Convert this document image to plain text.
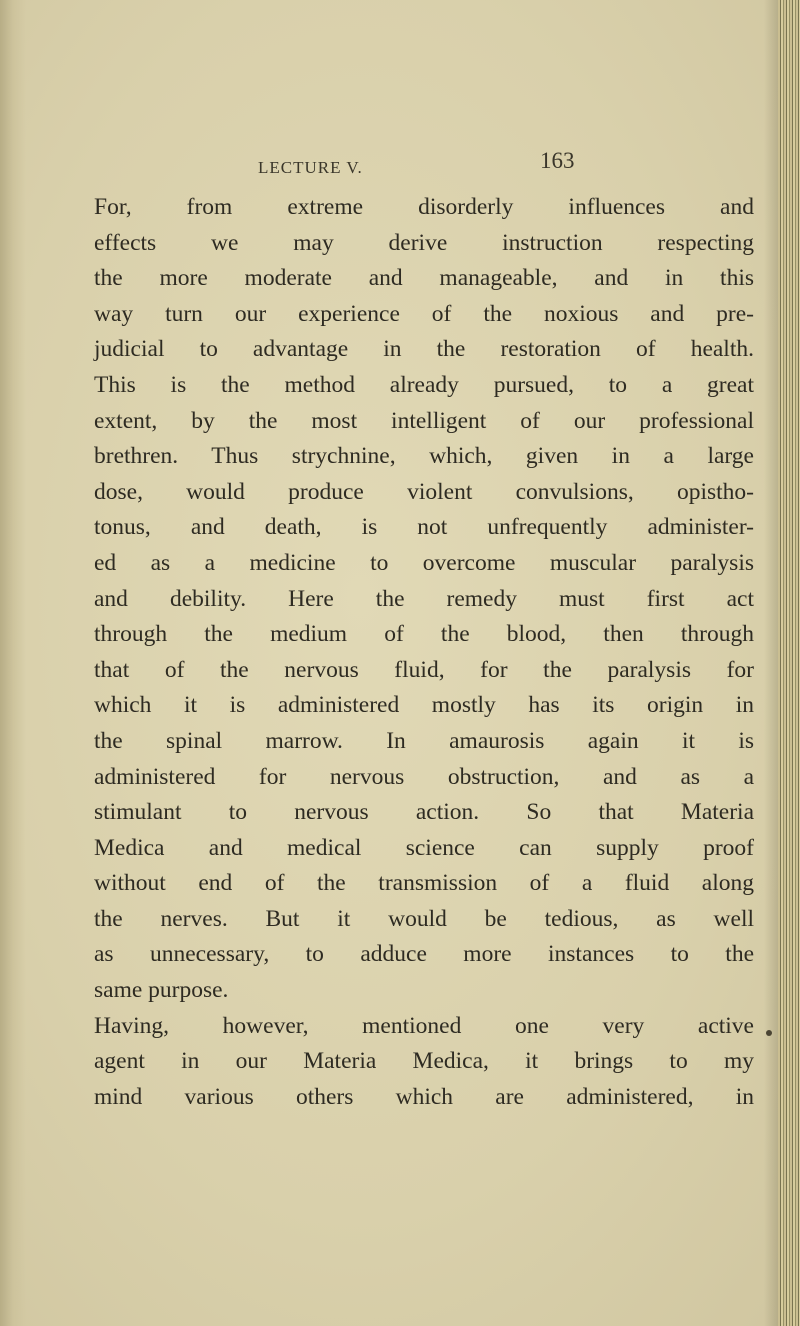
LECTURE V.	163
For, from extreme disorderly influences and
effects we may derive instruction respecting
the more moderate and manageable, and in this
way turn our experience of the noxious and pre-
judicial to advantage in the restoration of health.
This is the method already pursued, to a great
extent, by the most intelligent of our professional
brethren. Thus strychnine, which, given in a large
dose, would produce violent convulsions, opistho-
tonus, and death, is not unfrequently administer-
ed as a medicine to overcome muscular paralysis
and debility. Here the remedy must first act
through the medium of the blood, then through
that of the nervous fluid, for the paralysis for
which it is administered mostly has its origin in
the spinal marrow. In amaurosis again it is
administered for nervous obstruction, and as a
stimulant to nervous action. So that Materia
Medica and medical science can supply proof
without end of the transmission of a fluid along
the nerves. But it would be tedious, as well
as unnecessary, to adduce more instances to the
same purpose.
Having, however, mentioned one very active
agent in our Materia Medica, it brings to my
mind various others which are administered, in
